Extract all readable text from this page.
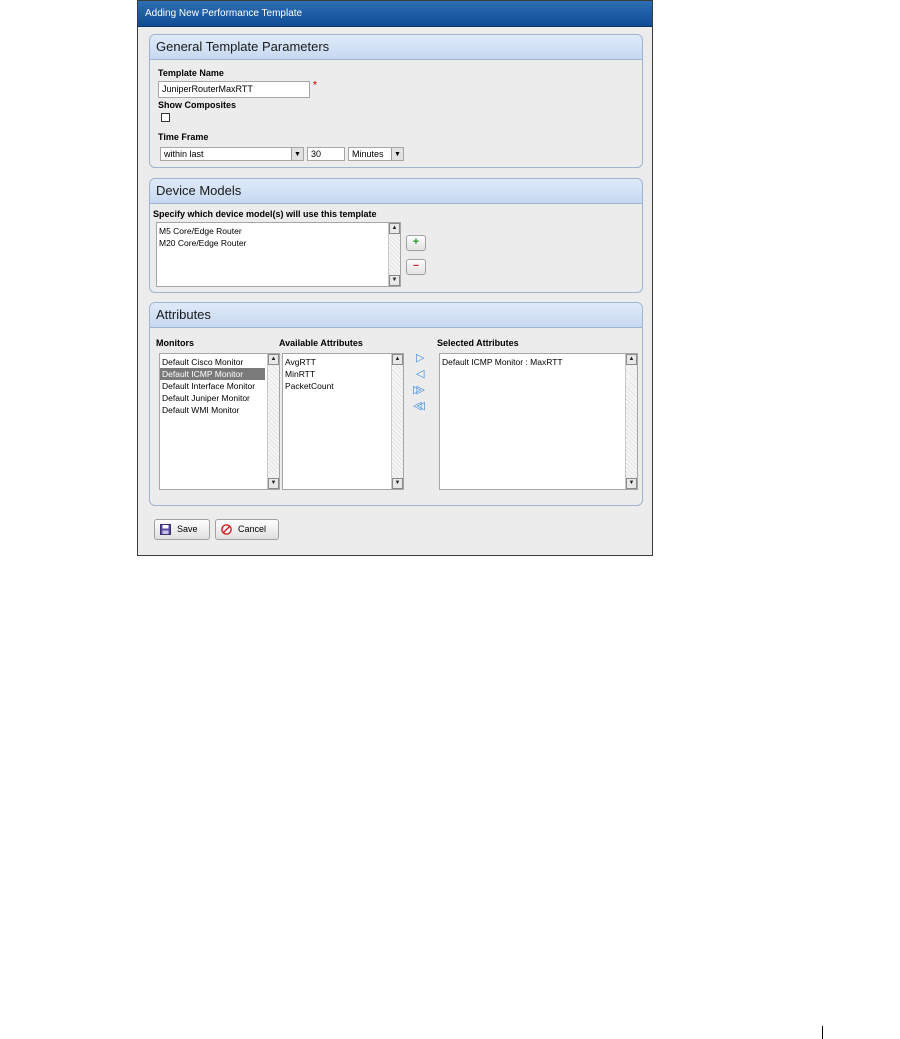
Adding New Performance Template
General Template Parameters
Template Name
JuniperRouterMaxRTT	*
Show Composites
Time Frame
within last	▼	30	Minutes	▼
Device Models
Specify which device model(s) will use this template
M5 Core/Edge Router
M20 Core/Edge Router
▲
▼
+
−
Attributes
Monitors	Available Attributes	Selected Attributes
Default Cisco Monitor
Default ICMP Monitor
Default Interface Monitor
Default Juniper Monitor
Default WMI Monitor
▲
▼
AvgRTT
MinRTT
PacketCount
▲
▼
▷
◁
▷▷
◁◁
Default ICMP Monitor : MaxRTT	▲
▼
Save	Cancel
